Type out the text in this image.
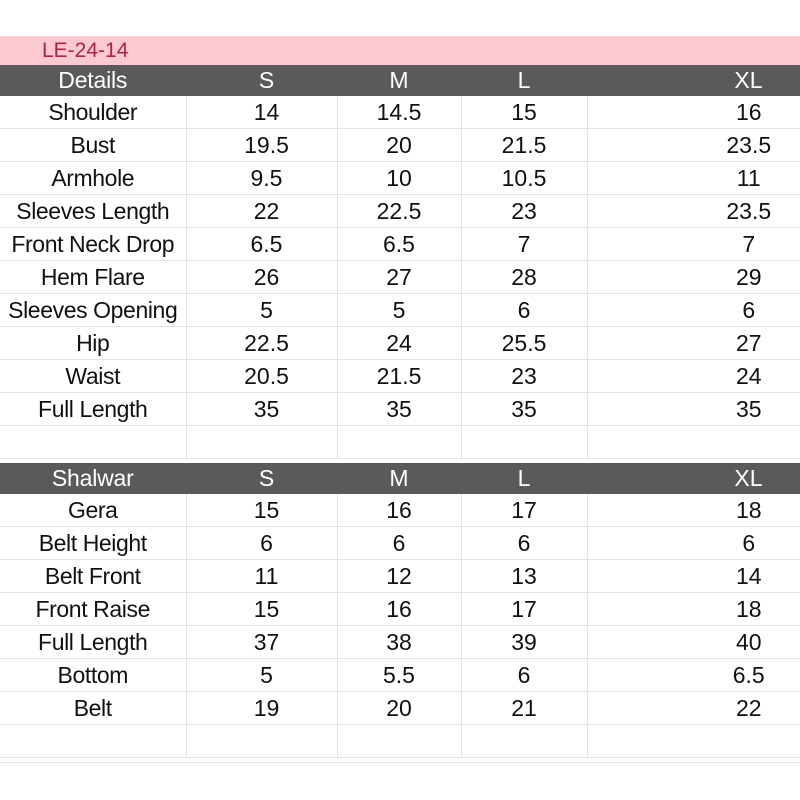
LE-24-14
Details	S	M	L	XL
Shoulder	14	14.5	15	16
Bust	19.5	20	21.5	23.5
Armhole	9.5	10	10.5	11
Sleeves Length	22	22.5	23	23.5
Front Neck Drop	6.5	6.5	7	7
Hem Flare	26	27	28	29
Sleeves Opening	5	5	6	6
Hip	22.5	24	25.5	27
Waist	20.5	21.5	23	24
Full Length	35	35	35	35

Shalwar	S	M	L	XL
Gera	15	16	17	18
Belt Height	6	6	6	6
Belt Front	11	12	13	14
Front Raise	15	16	17	18
Full Length	37	38	39	40
Bottom	5	5.5	6	6.5
Belt	19	20	21	22
